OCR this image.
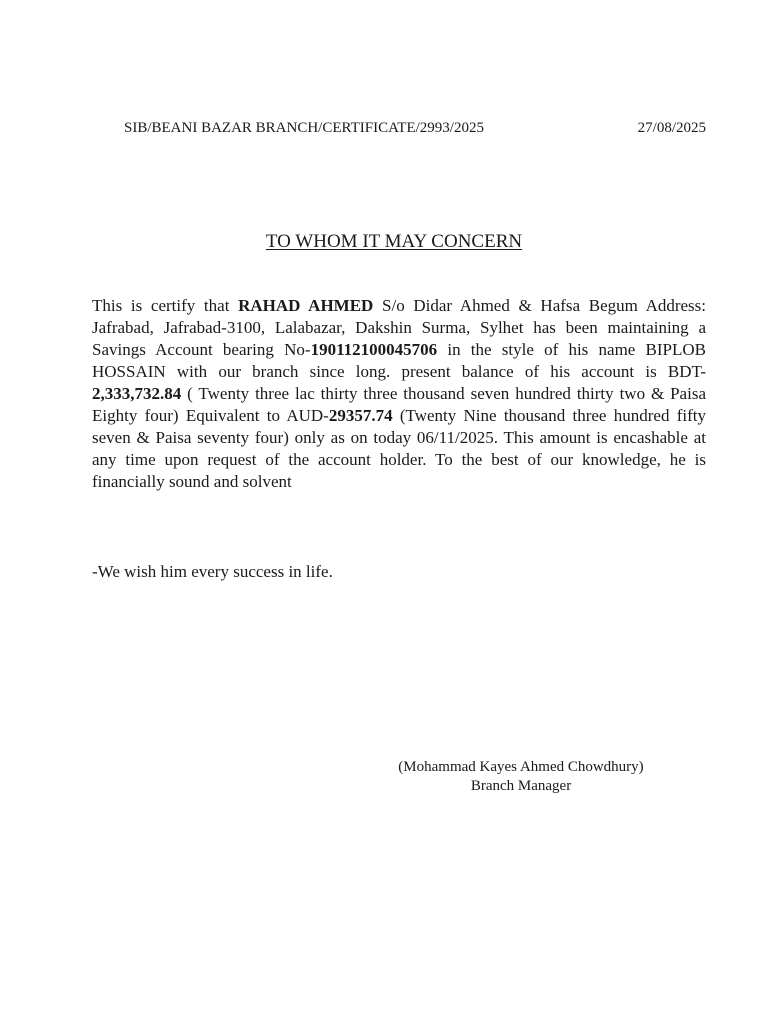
SIB/BEANI BAZAR BRANCH/CERTIFICATE/2993/2025	27/08/2025
TO WHOM IT MAY CONCERN
This is certify that RAHAD AHMED S/o Didar Ahmed & Hafsa Begum Address: Jafrabad, Jafrabad-3100, Lalabazar, Dakshin Surma, Sylhet has been maintaining a Savings Account bearing No-190112100045706 in the style of his name BIPLOB HOSSAIN with our branch since long. present balance of his account is BDT-2,333,732.84 ( Twenty three lac thirty three thousand seven hundred thirty two & Paisa Eighty four) Equivalent to AUD-29357.74 (Twenty Nine thousand three hundred fifty seven & Paisa seventy four) only as on today 06/11/2025. This amount is encashable at any time upon request of the account holder. To the best of our knowledge, he is financially sound and solvent
-We wish him every success in life.
(Mohammad Kayes Ahmed Chowdhury)
Branch Manager
